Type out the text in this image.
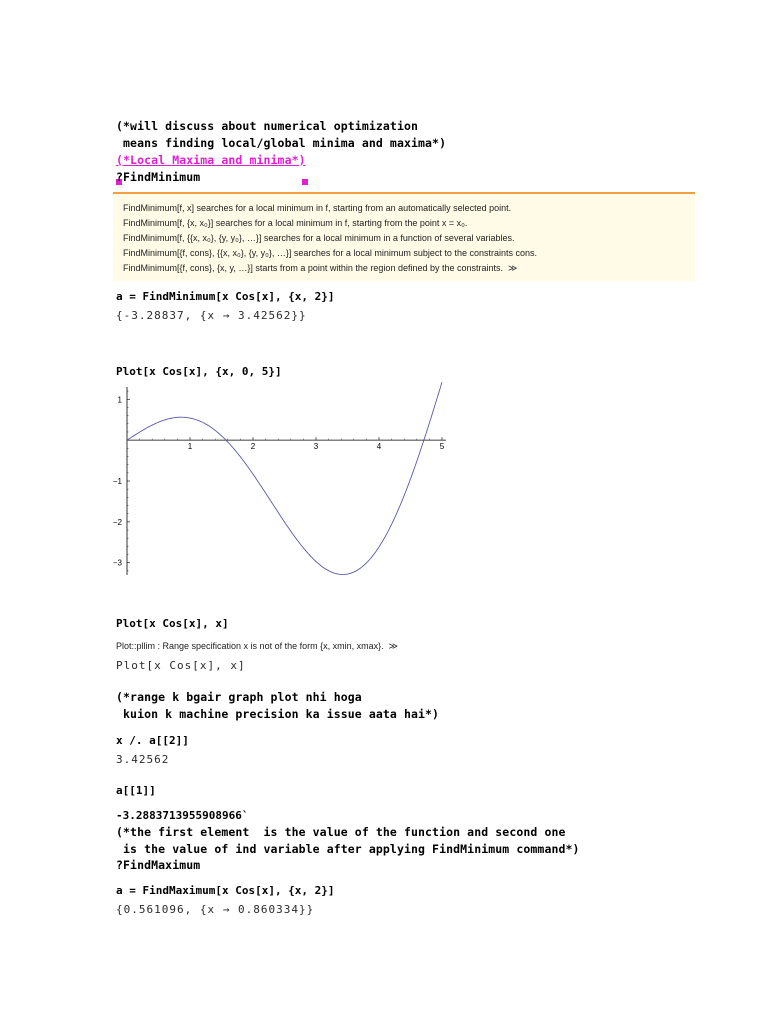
(*will discuss about numerical optimization
means finding local/global minima and maxima*)
(*Local Maxima and minima*)
?FindMinimum
FindMinimum[f, x] searches for a local minimum in f, starting from an automatically selected point.
FindMinimum[f, {x, x₀}] searches for a local minimum in f, starting from the point x = x₀.
FindMinimum[f, {{x, x₀}, {y, y₀}, …}] searches for a local minimum in a function of several variables.
FindMinimum[{f, cons}, {{x, x₀}, {y, y₀}, …}] searches for a local minimum subject to the constraints cons.
FindMinimum[{f, cons}, {x, y, …}] starts from a point within the region defined by the constraints.  ≫
a = FindMinimum[x Cos[x], {x, 2}]
{-3.28837, {x → 3.42562}}
Plot[x Cos[x], {x, 0, 5}]
1	2	3	4	5
1
−1
−2
−3
Plot[x Cos[x], x]
Plot::pllim : Range specification x is not of the form {x, xmin, xmax}.  ≫
Plot[x Cos[x], x]
(*range k bgair graph plot nhi hoga
kuion k machine precision ka issue aata hai*)
x /. a[[2]]
3.42562
a[[1]]
-3.2883713955908966`
(*the first element  is the value of the function and second one
is the value of ind variable after applying FindMinimum command*)
?FindMaximum
a = FindMaximum[x Cos[x], {x, 2}]
{0.561096, {x → 0.860334}}
